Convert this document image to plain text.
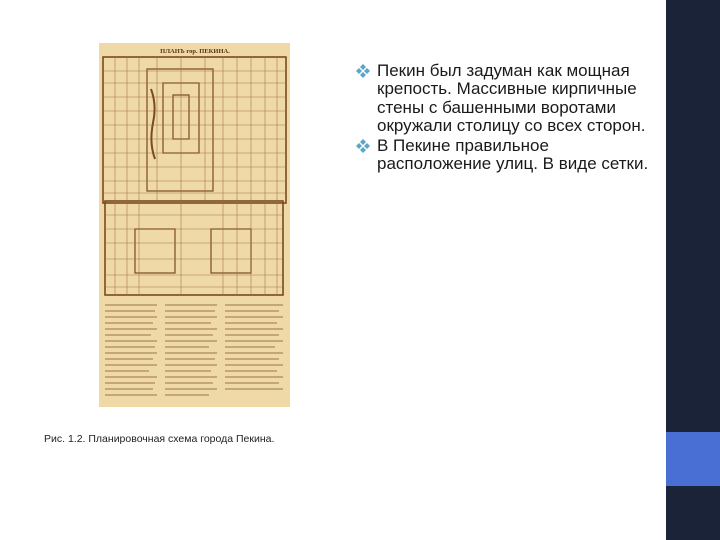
ПЛАНЪ гор. ПЕКИНА.
Рис. 1.2. Планировочная схема города Пекина.
Пекин был задуман как мощная крепость. Массивные кирпичные стены с башенными воротами окружали столицу со всех сторон.
В Пекине правильное расположение улиц. В виде сетки.
